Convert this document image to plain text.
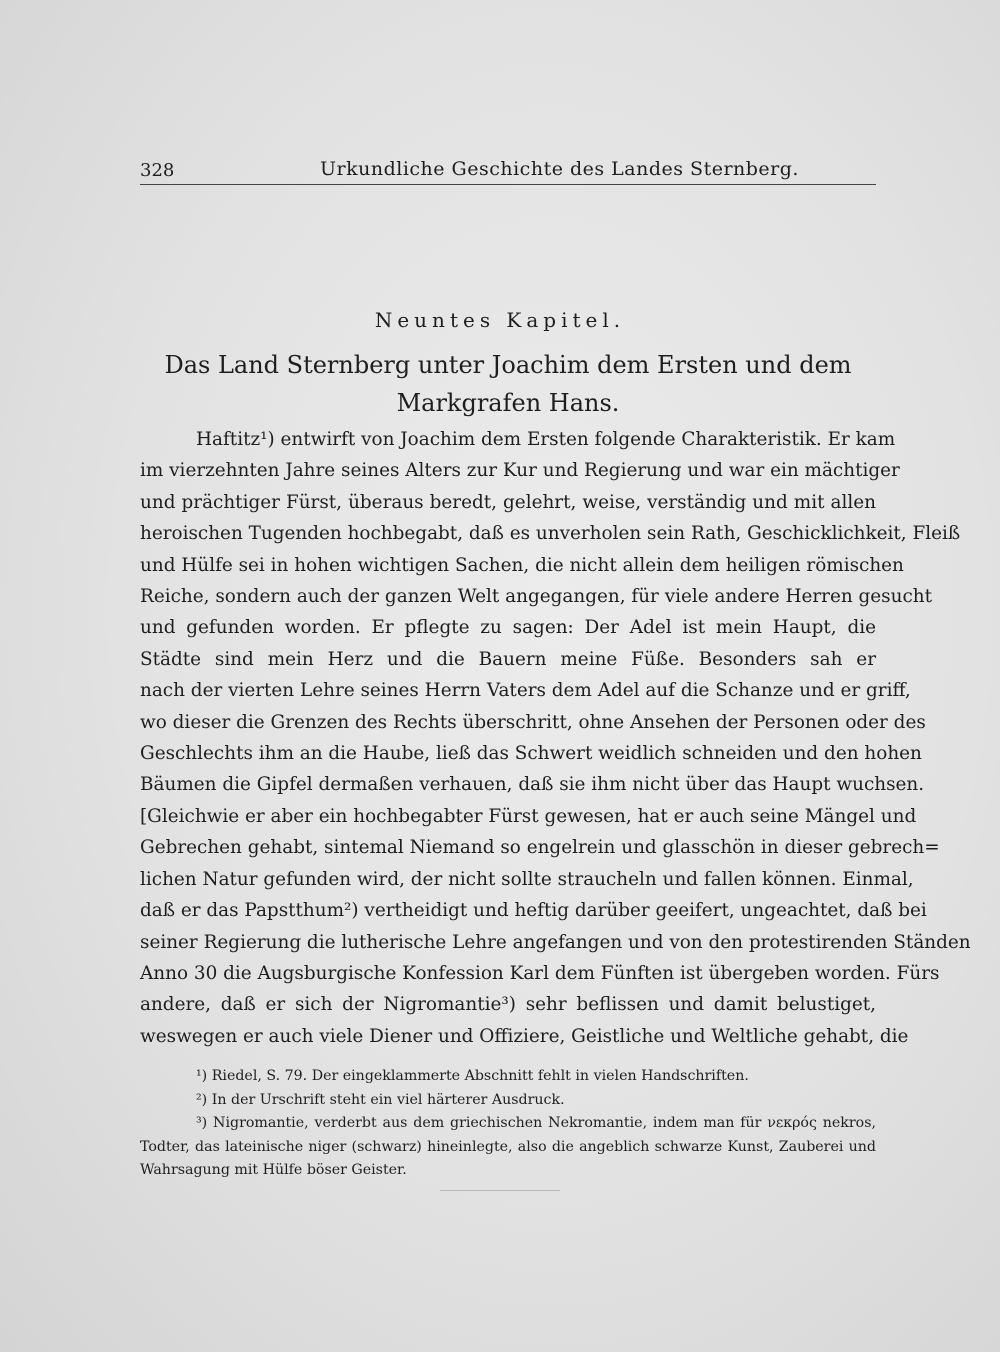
328	Urkundliche Geschichte des Landes Sternberg.
Neuntes Kapitel.
Das Land Sternberg unter Joachim dem Ersten und dem
Markgrafen Hans.
Haftitz¹) entwirft von Joachim dem Ersten folgende Charakteristik. Er kam
im vierzehnten Jahre seines Alters zur Kur und Regierung und war ein mächtiger
und prächtiger Fürst, überaus beredt, gelehrt, weise, verständig und mit allen
heroischen Tugenden hochbegabt, daß es unverholen sein Rath, Geschicklichkeit, Fleiß
und Hülfe sei in hohen wichtigen Sachen, die nicht allein dem heiligen römischen
Reiche, sondern auch der ganzen Welt angegangen, für viele andere Herren gesucht
und gefunden worden. Er pflegte zu sagen: Der Adel ist mein Haupt, die
Städte sind mein Herz und die Bauern meine Füße. Besonders sah er
nach der vierten Lehre seines Herrn Vaters dem Adel auf die Schanze und er griff,
wo dieser die Grenzen des Rechts überschritt, ohne Ansehen der Personen oder des
Geschlechts ihm an die Haube, ließ das Schwert weidlich schneiden und den hohen
Bäumen die Gipfel dermaßen verhauen, daß sie ihm nicht über das Haupt wuchsen.
[Gleichwie er aber ein hochbegabter Fürst gewesen, hat er auch seine Mängel und
Gebrechen gehabt, sintemal Niemand so engelrein und glasschön in dieser gebrech=
lichen Natur gefunden wird, der nicht sollte straucheln und fallen können. Einmal,
daß er das Papstthum²) vertheidigt und heftig darüber geeifert, ungeachtet, daß bei
seiner Regierung die lutherische Lehre angefangen und von den protestirenden Ständen
Anno 30 die Augsburgische Konfession Karl dem Fünften ist übergeben worden. Fürs
andere, daß er sich der Nigromantie³) sehr beflissen und damit belustiget,
weswegen er auch viele Diener und Offiziere, Geistliche und Weltliche gehabt, die
¹) Riedel, S. 79. Der eingeklammerte Abschnitt fehlt in vielen Handschriften.
²) In der Urschrift steht ein viel härterer Ausdruck.
³) Nigromantie, verderbt aus dem griechischen Nekromantie, indem man für νεκρός nekros,
Todter, das lateinische niger (schwarz) hineinlegte, also die angeblich schwarze Kunst, Zauberei und
Wahrsagung mit Hülfe böser Geister.
